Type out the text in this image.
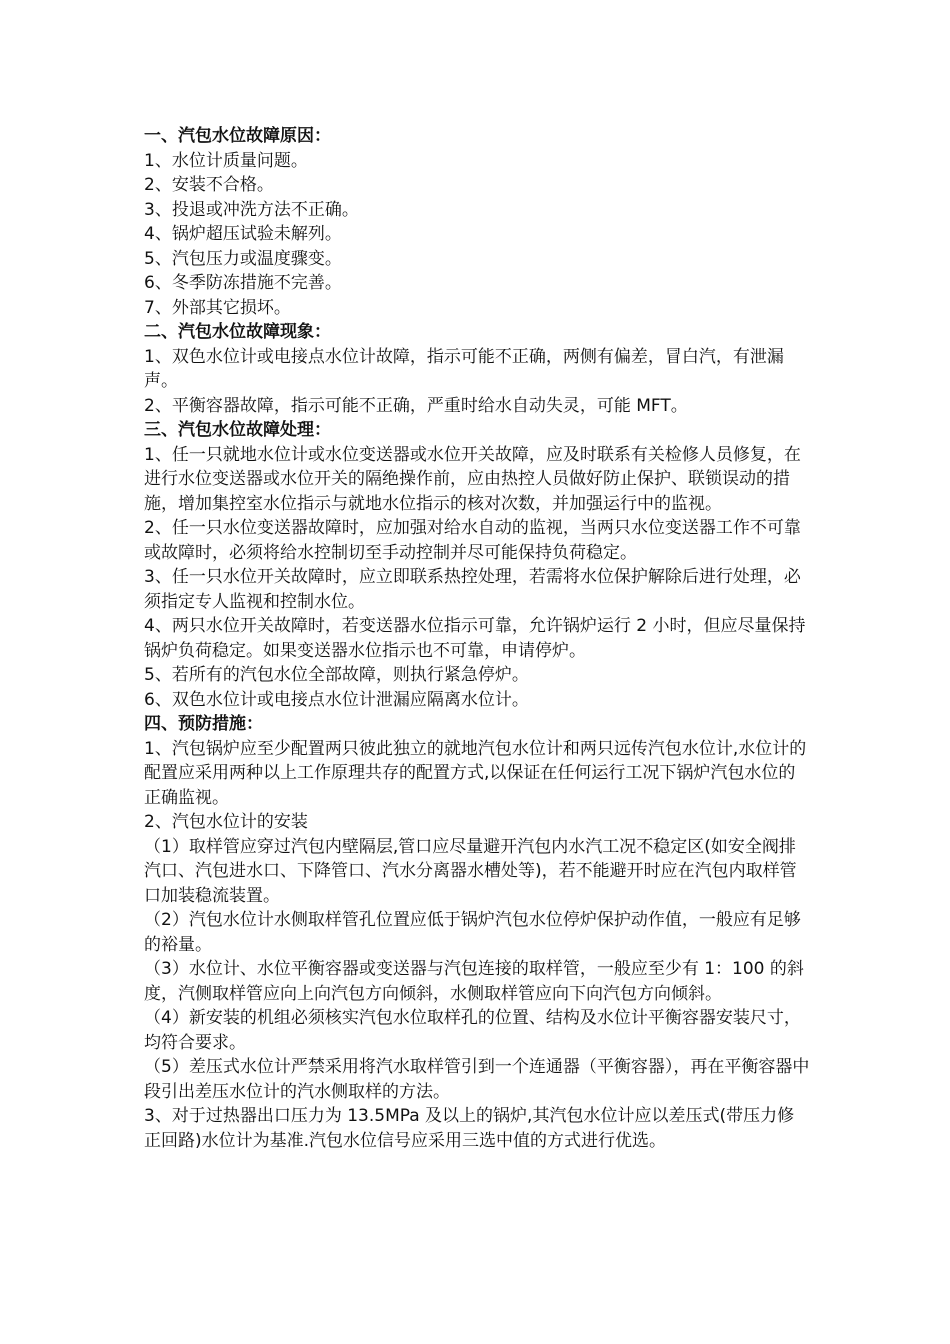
一、汽包水位故障原因：

1、水位计质量问题。

2、安装不合格。

3、投退或冲洗方法不正确。

4、锅炉超压试验未解列。

5、汽包压力或温度骤变。

6、冬季防冻措施不完善。

7、外部其它损坏。

二、汽包水位故障现象：

1、双色水位计或电接点水位计故障，指示可能不正确，两侧有偏差，冒白汽，有泄漏声。

2、平衡容器故障，指示可能不正确，严重时给水自动失灵，可能 MFT。

三、汽包水位故障处理：

1、任一只就地水位计或水位变送器或水位开关故障，应及时联系有关检修人员修复，在进行水位变送器或水位开关的隔绝操作前，应由热控人员做好防止保护、联锁误动的措施，增加集控室水位指示与就地水位指示的核对次数，并加强运行中的监视。

2、任一只水位变送器故障时，应加强对给水自动的监视，当两只水位变送器工作不可靠或故障时，必须将给水控制切至手动控制并尽可能保持负荷稳定。

3、任一只水位开关故障时，应立即联系热控处理，若需将水位保护解除后进行处理，必须指定专人监视和控制水位。

4、两只水位开关故障时，若变送器水位指示可靠，允许锅炉运行 2 小时，但应尽量保持锅炉负荷稳定。如果变送器水位指示也不可靠，申请停炉。

5、若所有的汽包水位全部故障，则执行紧急停炉。

6、双色水位计或电接点水位计泄漏应隔离水位计。

四、预防措施：

1、汽包锅炉应至少配置两只彼此独立的就地汽包水位计和两只远传汽包水位计,水位计的配置应采用两种以上工作原理共存的配置方式,以保证在任何运行工况下锅炉汽包水位的正确监视。

2、汽包水位计的安装

（1）取样管应穿过汽包内壁隔层,管口应尽量避开汽包内水汽工况不稳定区(如安全阀排汽口、汽包进水口、下降管口、汽水分离器水槽处等)，若不能避开时应在汽包内取样管口加装稳流装置。

（2）汽包水位计水侧取样管孔位置应低于锅炉汽包水位停炉保护动作值，一般应有足够的裕量。

（3）水位计、水位平衡容器或变送器与汽包连接的取样管，一般应至少有 1：100 的斜度，汽侧取样管应向上向汽包方向倾斜，水侧取样管应向下向汽包方向倾斜。

（4）新安装的机组必须核实汽包水位取样孔的位置、结构及水位计平衡容器安装尺寸，均符合要求。

（5）差压式水位计严禁采用将汽水取样管引到一个连通器（平衡容器），再在平衡容器中段引出差压水位计的汽水侧取样的方法。

3、对于过热器出口压力为 13.5MPa 及以上的锅炉,其汽包水位计应以差压式(带压力修正回路)水位计为基准.汽包水位信号应采用三选中值的方式进行优选。
